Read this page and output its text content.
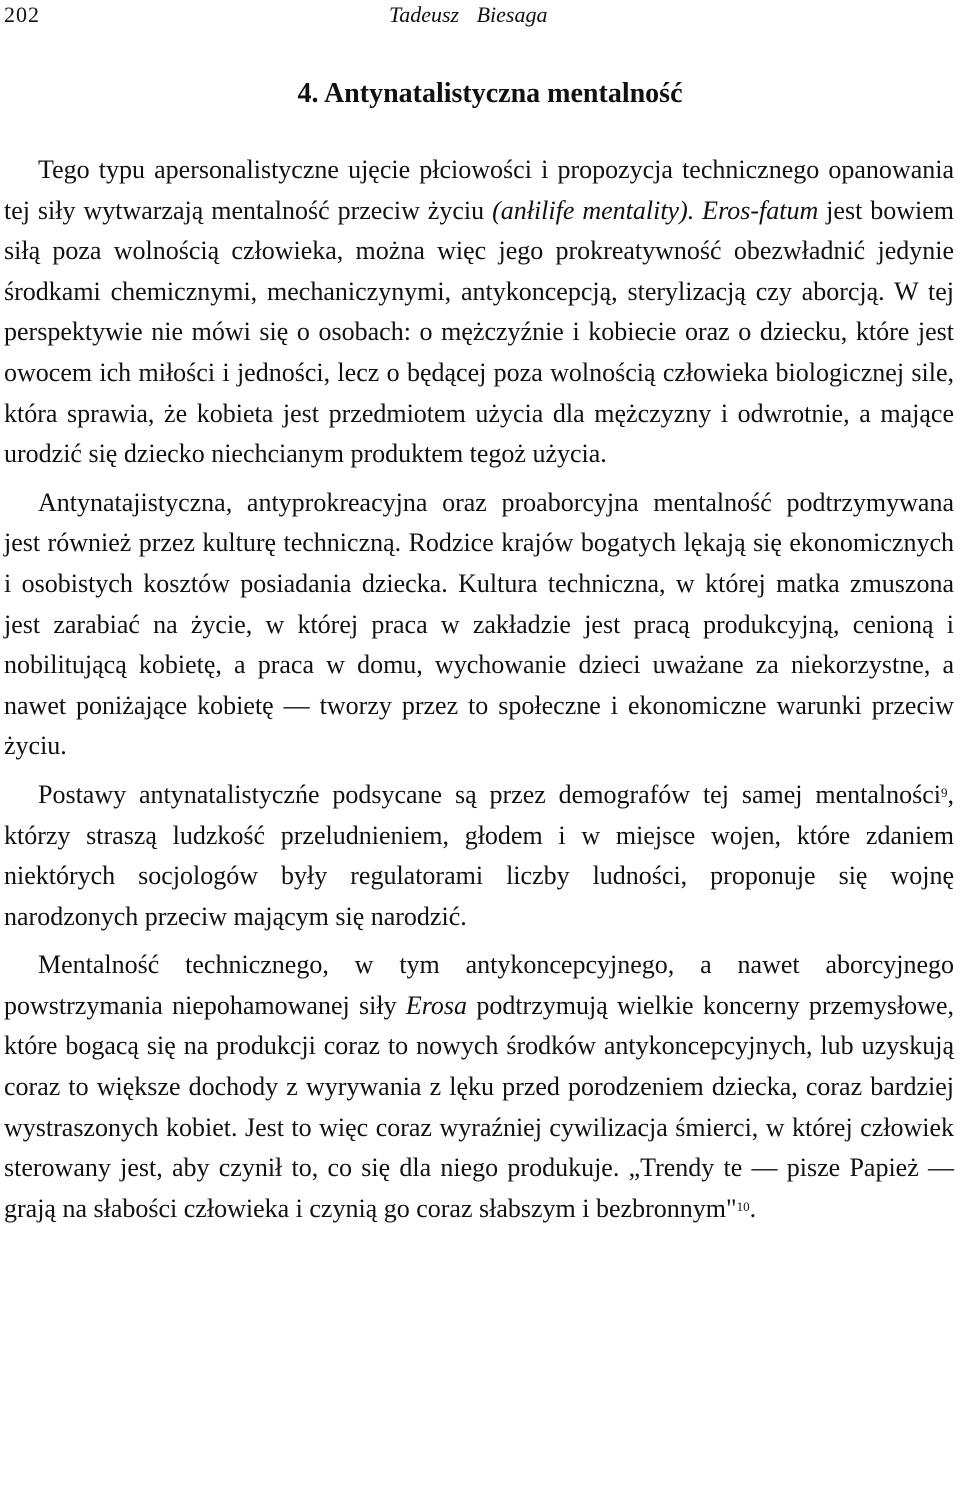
202	Tadeusz Biesaga
4. Antynatalistyczna mentalność

Tego typu apersonalistyczne ujęcie płciowości i propozycja technicznego opanowania tej siły wytwarzają mentalność przeciw życiu (anłilife mentality). Eros-fatum jest bowiem siłą poza wolnością człowieka, można więc jego prokreatywność obezwładnić jedynie środkami chemicznymi, mechaniczynymi, antykoncepcją, sterylizacją czy aborcją. W tej perspektywie nie mówi się o osobach: o mężczyźnie i kobiecie oraz o dziecku, które jest owocem ich miłości i jedności, lecz o będącej poza wolnością człowieka biologicznej sile, która sprawia, że kobieta jest przedmiotem użycia dla mężczyzny i odwrotnie, a mające urodzić się dziecko niechcianym produktem tegoż użycia.

Antynatajistyczna, antyprokreacyjna oraz proaborcyjna mentalność podtrzymywana jest również przez kulturę techniczną. Rodzice krajów bogatych lękają się ekonomicznych i osobistych kosztów posiadania dziecka. Kultura techniczna, w której matka zmuszona jest zarabiać na życie, w której praca w zakładzie jest pracą produkcyjną, cenioną i nobilitującą kobietę, a praca w domu, wychowanie dzieci uważane za niekorzystne, a nawet poniżające kobietę — tworzy przez to społeczne i ekonomiczne warunki przeciw życiu.

Postawy antynatalistyczńe podsycane są przez demografów tej samej mentalności$^9$, którzy straszą ludzkość przeludnieniem, głodem i w miejsce wojen, które zdaniem niektórych socjologów były regulatorami liczby ludności, proponuje się wojnę narodzonych przeciw mającym się narodzić.

Mentalność technicznego, w tym antykoncepcyjnego, a nawet aborcyjnego powstrzymania niepohamowanej siły Erosa podtrzymują wielkie koncerny przemysłowe, które bogacą się na produkcji coraz to nowych środków antykoncepcyjnych, lub uzyskują coraz to większe dochody z wyrywania z lęku przed porodzeniem dziecka, coraz bardziej wystraszonych kobiet. Jest to więc coraz wyraźniej cywilizacja śmierci, w której człowiek sterowany jest, aby czynił to, co się dla niego produkuje. „Trendy te — pisze Papież — grają na słabości człowieka i czynią go coraz słabszym i bezbronnym"$^{10}$.
